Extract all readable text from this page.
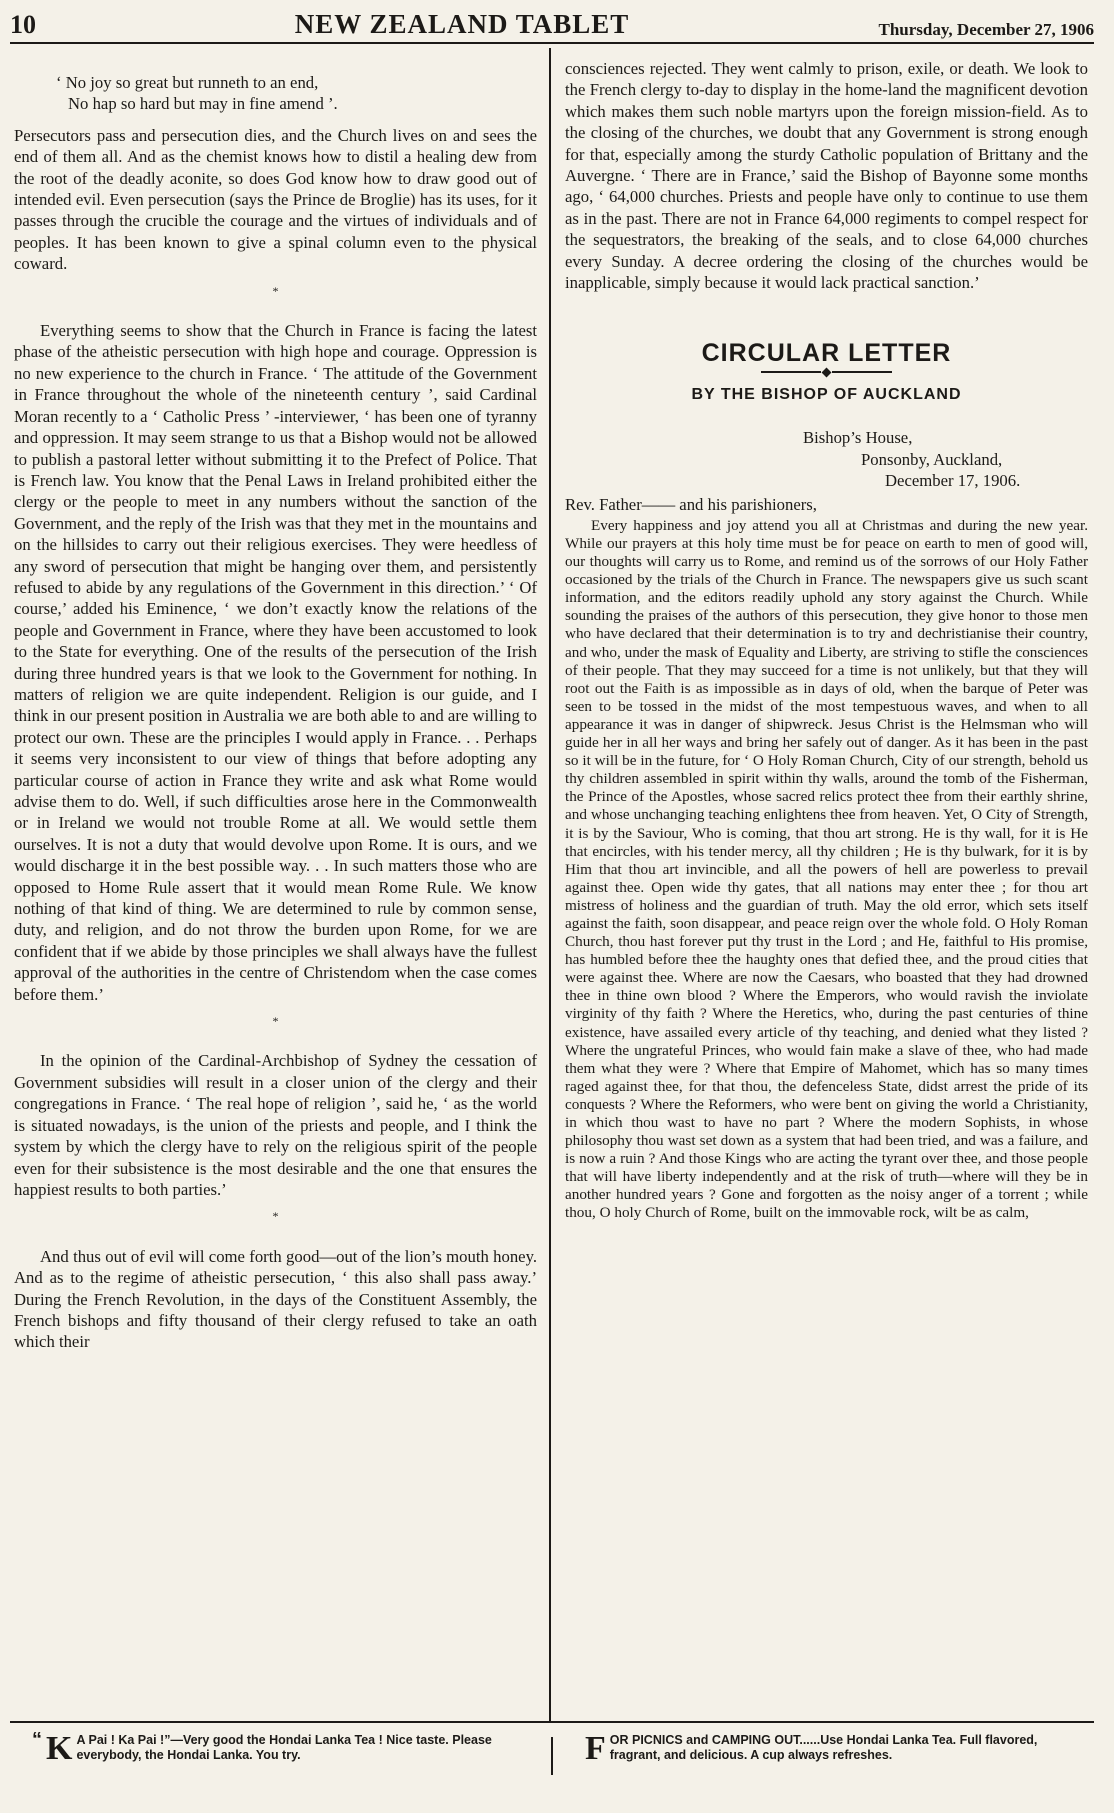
10	NEW ZEALAND TABLET	Thursday, December 27, 1906
‘ No joy so great but runneth to an end,
No hap so hard but may in fine amend ’.

Persecutors pass and persecution dies, and the Church lives on and sees the end of them all. And as the chemist knows how to distil a healing dew from the root of the deadly aconite, so does God know how to draw good out of intended evil. Even persecution (says the Prince de Broglie) has its uses, for it passes through the crucible the courage and the virtues of individuals and of peoples. It has been known to give a spinal column even to the physical coward.

*

Everything seems to show that the Church in France is facing the latest phase of the atheistic persecution with high hope and courage. Oppression is no new experience to the church in France. ‘ The attitude of the Government in France throughout the whole of the nineteenth century ’, said Cardinal Moran recently to a ‘ Catholic Press ’ -interviewer, ‘ has been one of tyranny and oppression. It may seem strange to us that a Bishop would not be allowed to publish a pastoral letter without submitting it to the Prefect of Police. That is French law. You know that the Penal Laws in Ireland prohibited either the clergy or the people to meet in any numbers without the sanction of the Government, and the reply of the Irish was that they met in the mountains and on the hillsides to carry out their religious exercises. They were heedless of any sword of persecution that might be hanging over them, and persistently refused to abide by any regulations of the Government in this direction.’ ‘ Of course,’ added his Eminence, ‘ we don’t exactly know the relations of the people and Government in France, where they have been accustomed to look to the State for everything. One of the results of the persecution of the Irish during three hundred years is that we look to the Government for nothing. In matters of religion we are quite independent. Religion is our guide, and I think in our present position in Australia we are both able to and are willing to protect our own. These are the principles I would apply in France. . . Perhaps it seems very inconsistent to our view of things that before adopting any particular course of action in France they write and ask what Rome would advise them to do. Well, if such difficulties arose here in the Commonwealth or in Ireland we would not trouble Rome at all. We would settle them ourselves. It is not a duty that would devolve upon Rome. It is ours, and we would discharge it in the best possible way. . . In such matters those who are opposed to Home Rule assert that it would mean Rome Rule. We know nothing of that kind of thing. We are determined to rule by common sense, duty, and religion, and do not throw the burden upon Rome, for we are confident that if we abide by those principles we shall always have the fullest approval of the authorities in the centre of Christendom when the case comes before them.’

*

In the opinion of the Cardinal-Archbishop of Sydney the cessation of Government subsidies will result in a closer union of the clergy and their congregations in France. ‘ The real hope of religion ’, said he, ‘ as the world is situated nowadays, is the union of the priests and people, and I think the system by which the clergy have to rely on the religious spirit of the people even for their subsistence is the most desirable and the one that ensures the happiest results to both parties.’

*

And thus out of evil will come forth good—out of the lion’s mouth honey. And as to the regime of atheistic persecution, ‘ this also shall pass away.’ During the French Revolution, in the days of the Constituent Assembly, the French bishops and fifty thousand of their clergy refused to take an oath which their

consciences rejected. They went calmly to prison, exile, or death. We look to the French clergy to-day to display in the home-land the magnificent devotion which makes them such noble martyrs upon the foreign mission-field. As to the closing of the churches, we doubt that any Government is strong enough for that, especially among the sturdy Catholic population of Brittany and the Auvergne. ‘ There are in France,’ said the Bishop of Bayonne some months ago, ‘ 64,000 churches. Priests and people have only to continue to use them as in the past. There are not in France 64,000 regiments to compel respect for the sequestrators, the breaking of the seals, and to close 64,000 churches every Sunday. A decree ordering the closing of the churches would be inapplicable, simply because it would lack practical sanction.’

CIRCULAR LETTER
BY THE BISHOP OF AUCKLAND
Bishop’s House,
Ponsonby, Auckland,
December 17, 1906.
Rev. Father—— and his parishioners,

Every happiness and joy attend you all at Christmas and during the new year. While our prayers at this holy time must be for peace on earth to men of good will, our thoughts will carry us to Rome, and remind us of the sorrows of our Holy Father occasioned by the trials of the Church in France. The newspapers give us such scant information, and the editors readily uphold any story against the Church. While sounding the praises of the authors of this persecution, they give honor to those men who have declared that their determination is to try and dechristianise their country, and who, under the mask of Equality and Liberty, are striving to stifle the consciences of their people. That they may succeed for a time is not unlikely, but that they will root out the Faith is as impossible as in days of old, when the barque of Peter was seen to be tossed in the midst of the most tempestuous waves, and when to all appearance it was in danger of shipwreck. Jesus Christ is the Helmsman who will guide her in all her ways and bring her safely out of danger. As it has been in the past so it will be in the future, for ‘ O Holy Roman Church, City of our strength, behold us thy children assembled in spirit within thy walls, around the tomb of the Fisherman, the Prince of the Apostles, whose sacred relics protect thee from their earthly shrine, and whose unchanging teaching enlightens thee from heaven. Yet, O City of Strength, it is by the Saviour, Who is coming, that thou art strong. He is thy wall, for it is He that encircles, with his tender mercy, all thy children ; He is thy bulwark, for it is by Him that thou art invincible, and all the powers of hell are powerless to prevail against thee. Open wide thy gates, that all nations may enter thee ; for thou art mistress of holiness and the guardian of truth. May the old error, which sets itself against the faith, soon disappear, and peace reign over the whole fold. O Holy Roman Church, thou hast forever put thy trust in the Lord ; and He, faithful to His promise, has humbled before thee the haughty ones that defied thee, and the proud cities that were against thee. Where are now the Caesars, who boasted that they had drowned thee in thine own blood ? Where the Emperors, who would ravish the inviolate virginity of thy faith ? Where the Heretics, who, during the past centuries of thine existence, have assailed every article of thy teaching, and denied what they listed ? Where the ungrateful Princes, who would fain make a slave of thee, who had made them what they were ? Where that Empire of Mahomet, which has so many times raged against thee, for that thou, the defenceless State, didst arrest the pride of its conquests ? Where the Reformers, who were bent on giving the world a Christianity, in which thou wast to have no part ? Where the modern Sophists, in whose philosophy thou wast set down as a system that had been tried, and was a failure, and is now a ruin ? And those Kings who are acting the tyrant over thee, and those people that will have liberty independently and at the risk of truth—where will they be in another hundred years ? Gone and forgotten as the noisy anger of a torrent ; while thou, O holy Church of Rome, built on the immovable rock, wilt be as calm,

“ K A Pai ! Ka Pai !”—Very good the Hondai Lanka Tea ! Nice taste. Please everybody, the Hondai Lanka. You try.	F OR PICNICS and CAMPING OUT......Use Hondai Lanka Tea. Full flavored, fragrant, and delicious. A cup always refreshes.
